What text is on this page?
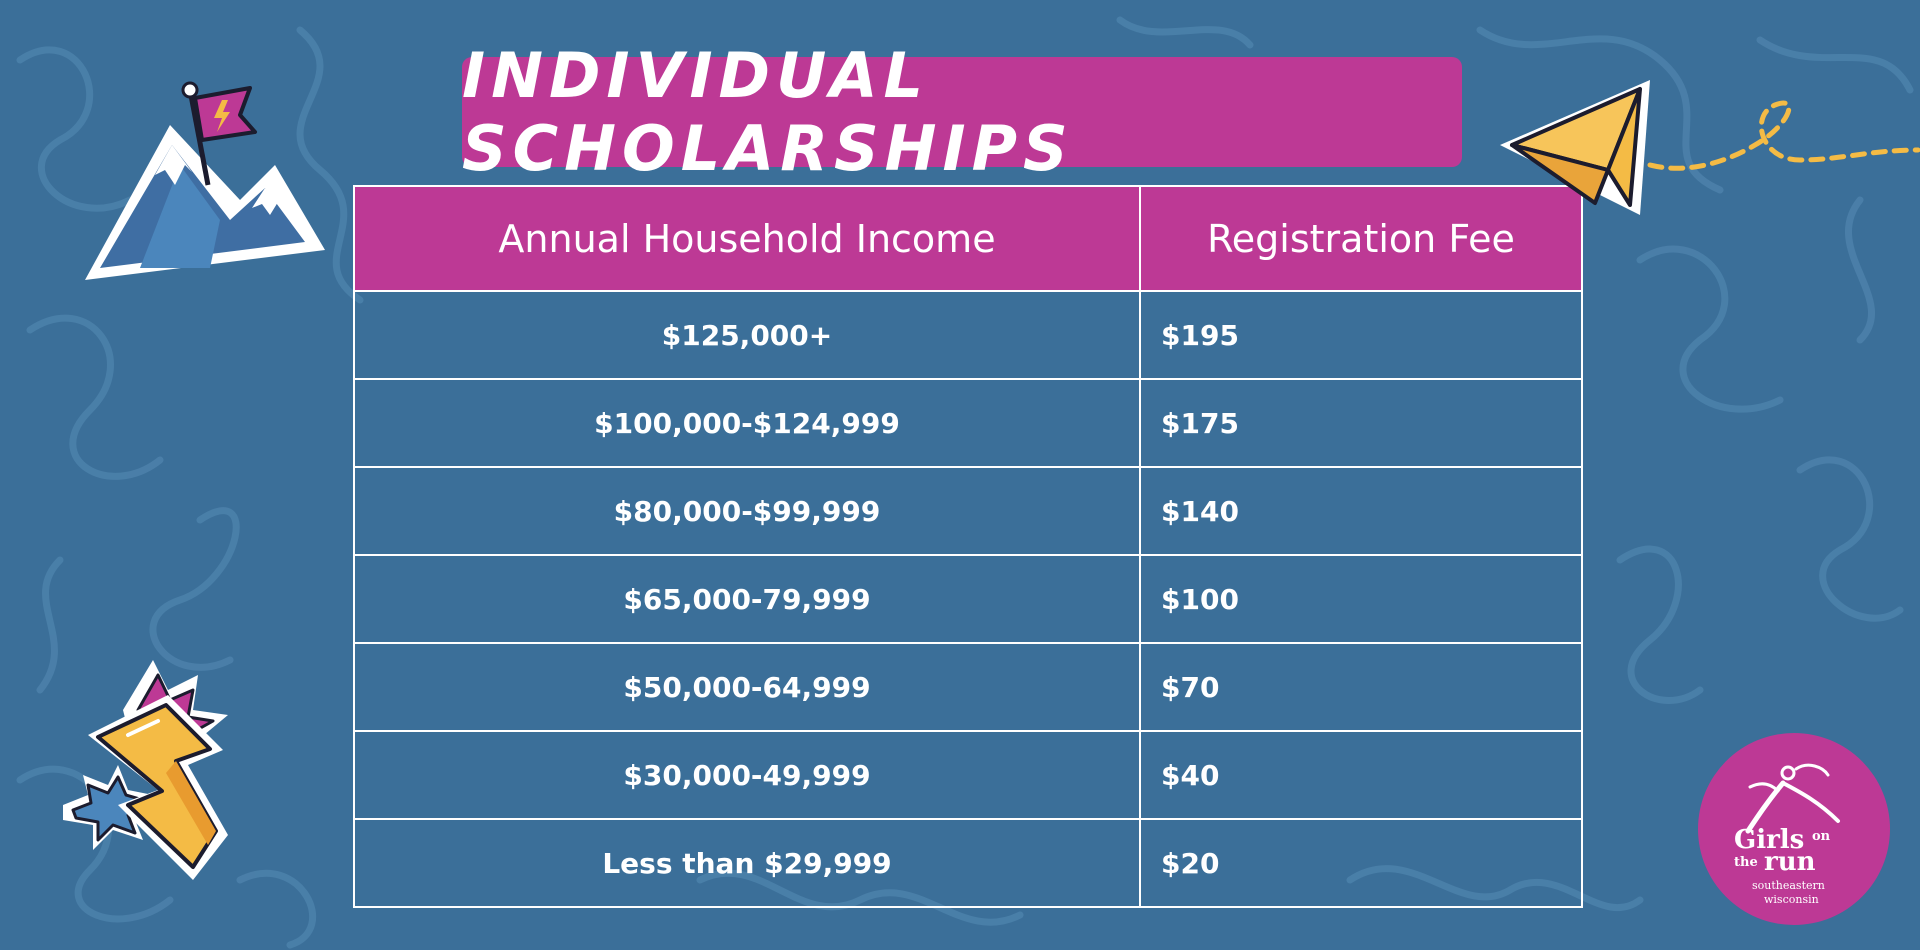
INDIVIDUAL SCHOLARSHIPS
Annual Household Income	Registration Fee
$125,000+	$195
$100,000-$124,999	$175
$80,000-$99,999	$140
$65,000-79,999	$100
$50,000-64,999	$70
$30,000-49,999	$40
Less than $29,999	$20
Girls on
the run
southeastern
wisconsin
